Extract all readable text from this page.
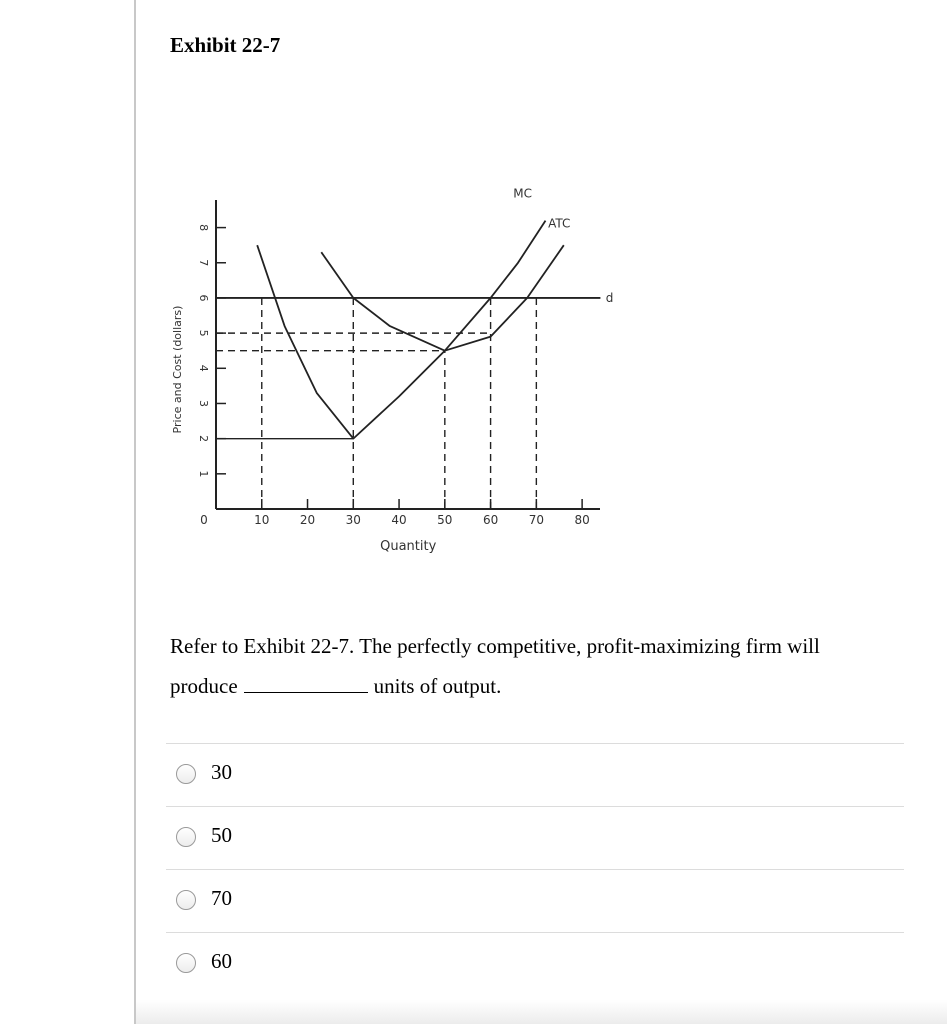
Exhibit 22-7
1
2
3
4
5
6
7
8
10	20	30	40	50	60	70	80
0
Quantity
Price and Cost (dollars)
MC
ATC
d
Refer to Exhibit 22-7. The perfectly competitive, profit-maximizing firm will produce	units of output.
30
50
70
60
